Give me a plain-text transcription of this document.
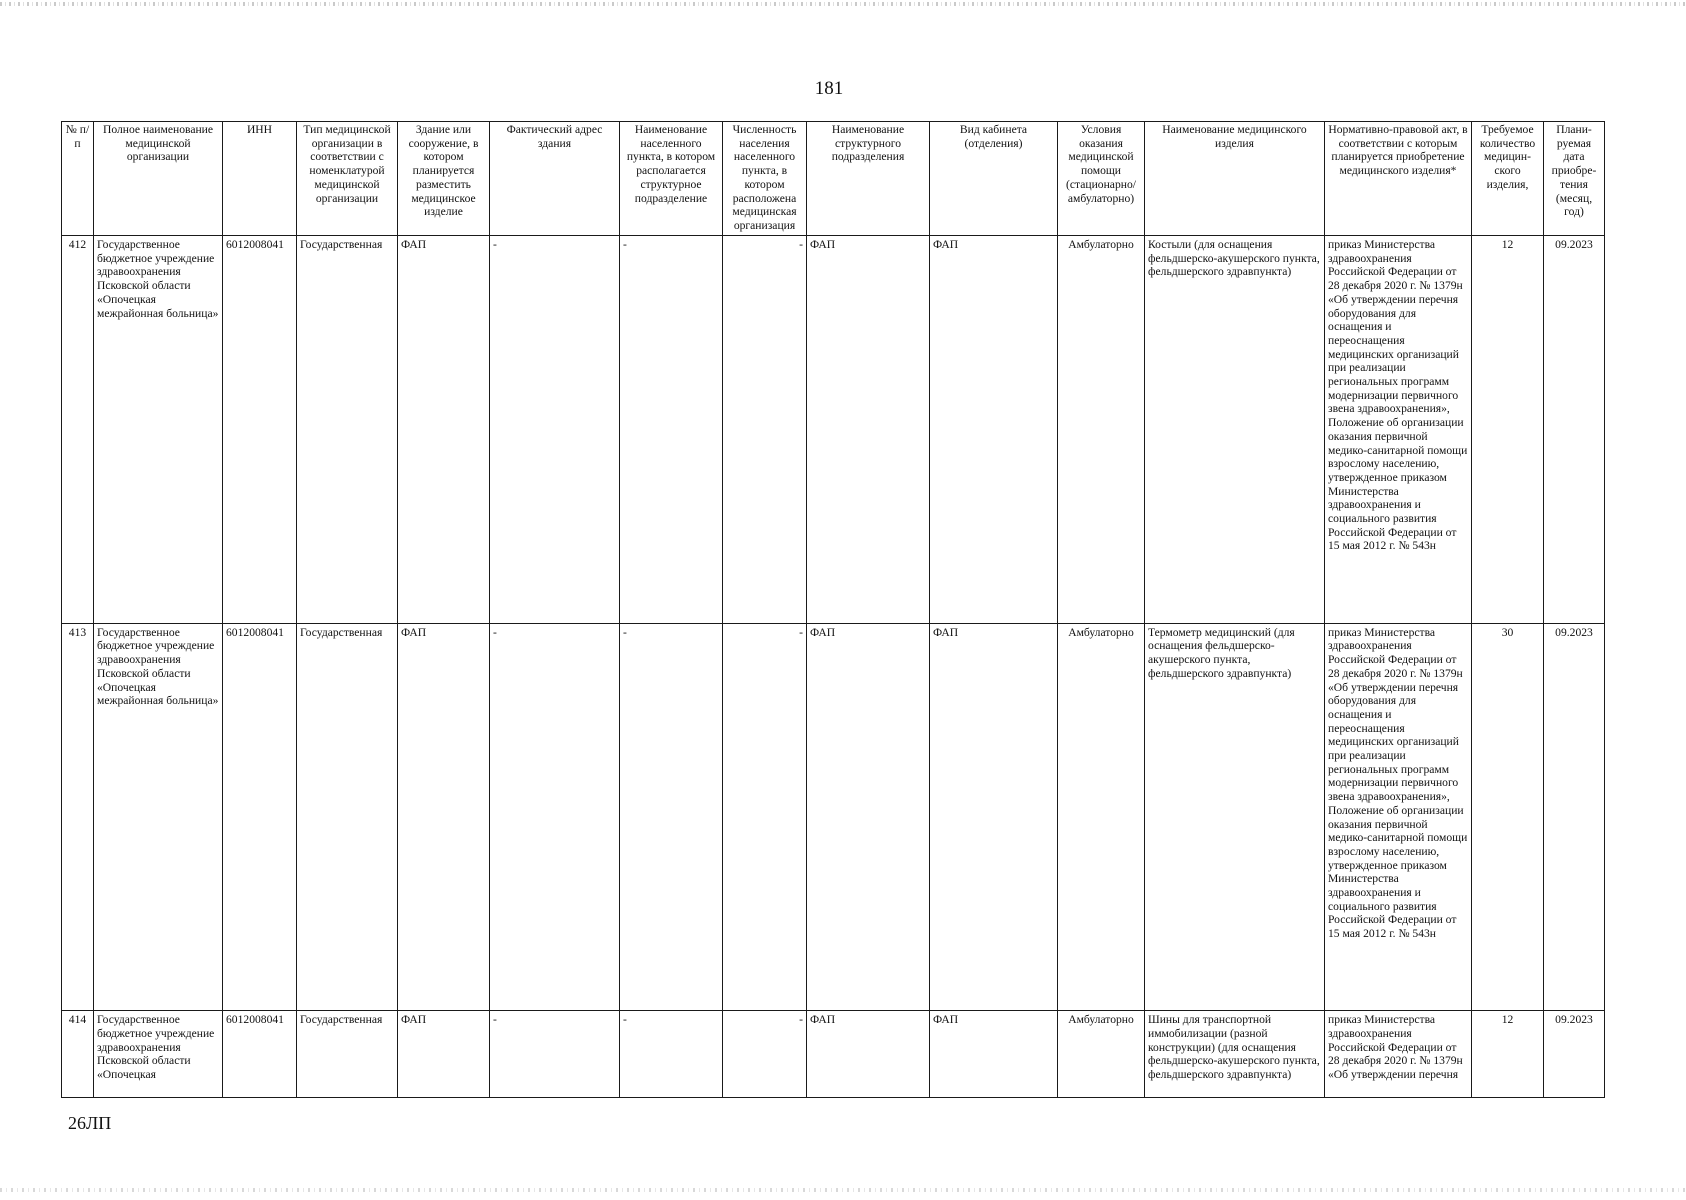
181
№ п/п	Полное наименование медицинской организации	ИНН	Тип медицинской организации в соответствии с номенклатурой медицинской организации	Здание или сооружение, в котором планируется разместить медицинское изделие	Фактический адрес здания	Наименование населенного пункта, в котором располагается структурное подразделение	Численность населения населенного пункта, в котором расположена медицинская организация	Наименование структурного подразделения	Вид кабинета (отделения)	Условия оказания медицинской помощи (стационарно/ амбулаторно)	Наименование медицинского изделия	Нормативно-правовой акт, в соответствии с которым планируется приобретение медицинского изделия*	Требуемое количество медицин-ского изделия,	Плани-руемая дата приобре-тения (месяц, год)
412	Государственное бюджетное учреждение здравоохранения Псковской области «Опочецкая межрайонная больница»	6012008041	Государственная	ФАП	-	-	-	ФАП	ФАП	Амбулаторно	Костыли (для оснащения фельдшерско-акушерского пункта, фельдшерского здравпункта)	приказ Министерства здравоохранения Российской Федерации от 28 декабря 2020 г. № 1379н «Об утверждении перечня оборудования для оснащения и переоснащения медицинских организаций при реализации региональных программ модернизации первичного звена здравоохранения», Положение об организации оказания первичной медико-санитарной помощи взрослому населению, утвержденное приказом Министерства здравоохранения и социального развития Российской Федерации от 15 мая 2012 г. № 543н	12	09.2023
413	Государственное бюджетное учреждение здравоохранения Псковской области «Опочецкая межрайонная больница»	6012008041	Государственная	ФАП	-	-	-	ФАП	ФАП	Амбулаторно	Термометр медицинский (для оснащения фельдшерско-акушерского пункта, фельдшерского здравпункта)	приказ Министерства здравоохранения Российской Федерации от 28 декабря 2020 г. № 1379н «Об утверждении перечня оборудования для оснащения и переоснащения медицинских организаций при реализации региональных программ модернизации первичного звена здравоохранения», Положение об организации оказания первичной медико-санитарной помощи взрослому населению, утвержденное приказом Министерства здравоохранения и социального развития Российской Федерации от 15 мая 2012 г. № 543н	30	09.2023
414	Государственное бюджетное учреждение здравоохранения Псковской области «Опочецкая	6012008041	Государственная	ФАП	-	-	-	ФАП	ФАП	Амбулаторно	Шины для транспортной иммобилизации (разной конструкции) (для оснащения фельдшерско-акушерского пункта, фельдшерского здравпункта)	приказ Министерства здравоохранения Российской Федерации от 28 декабря 2020 г. № 1379н «Об утверждении перечня	12	09.2023
26ЛП
